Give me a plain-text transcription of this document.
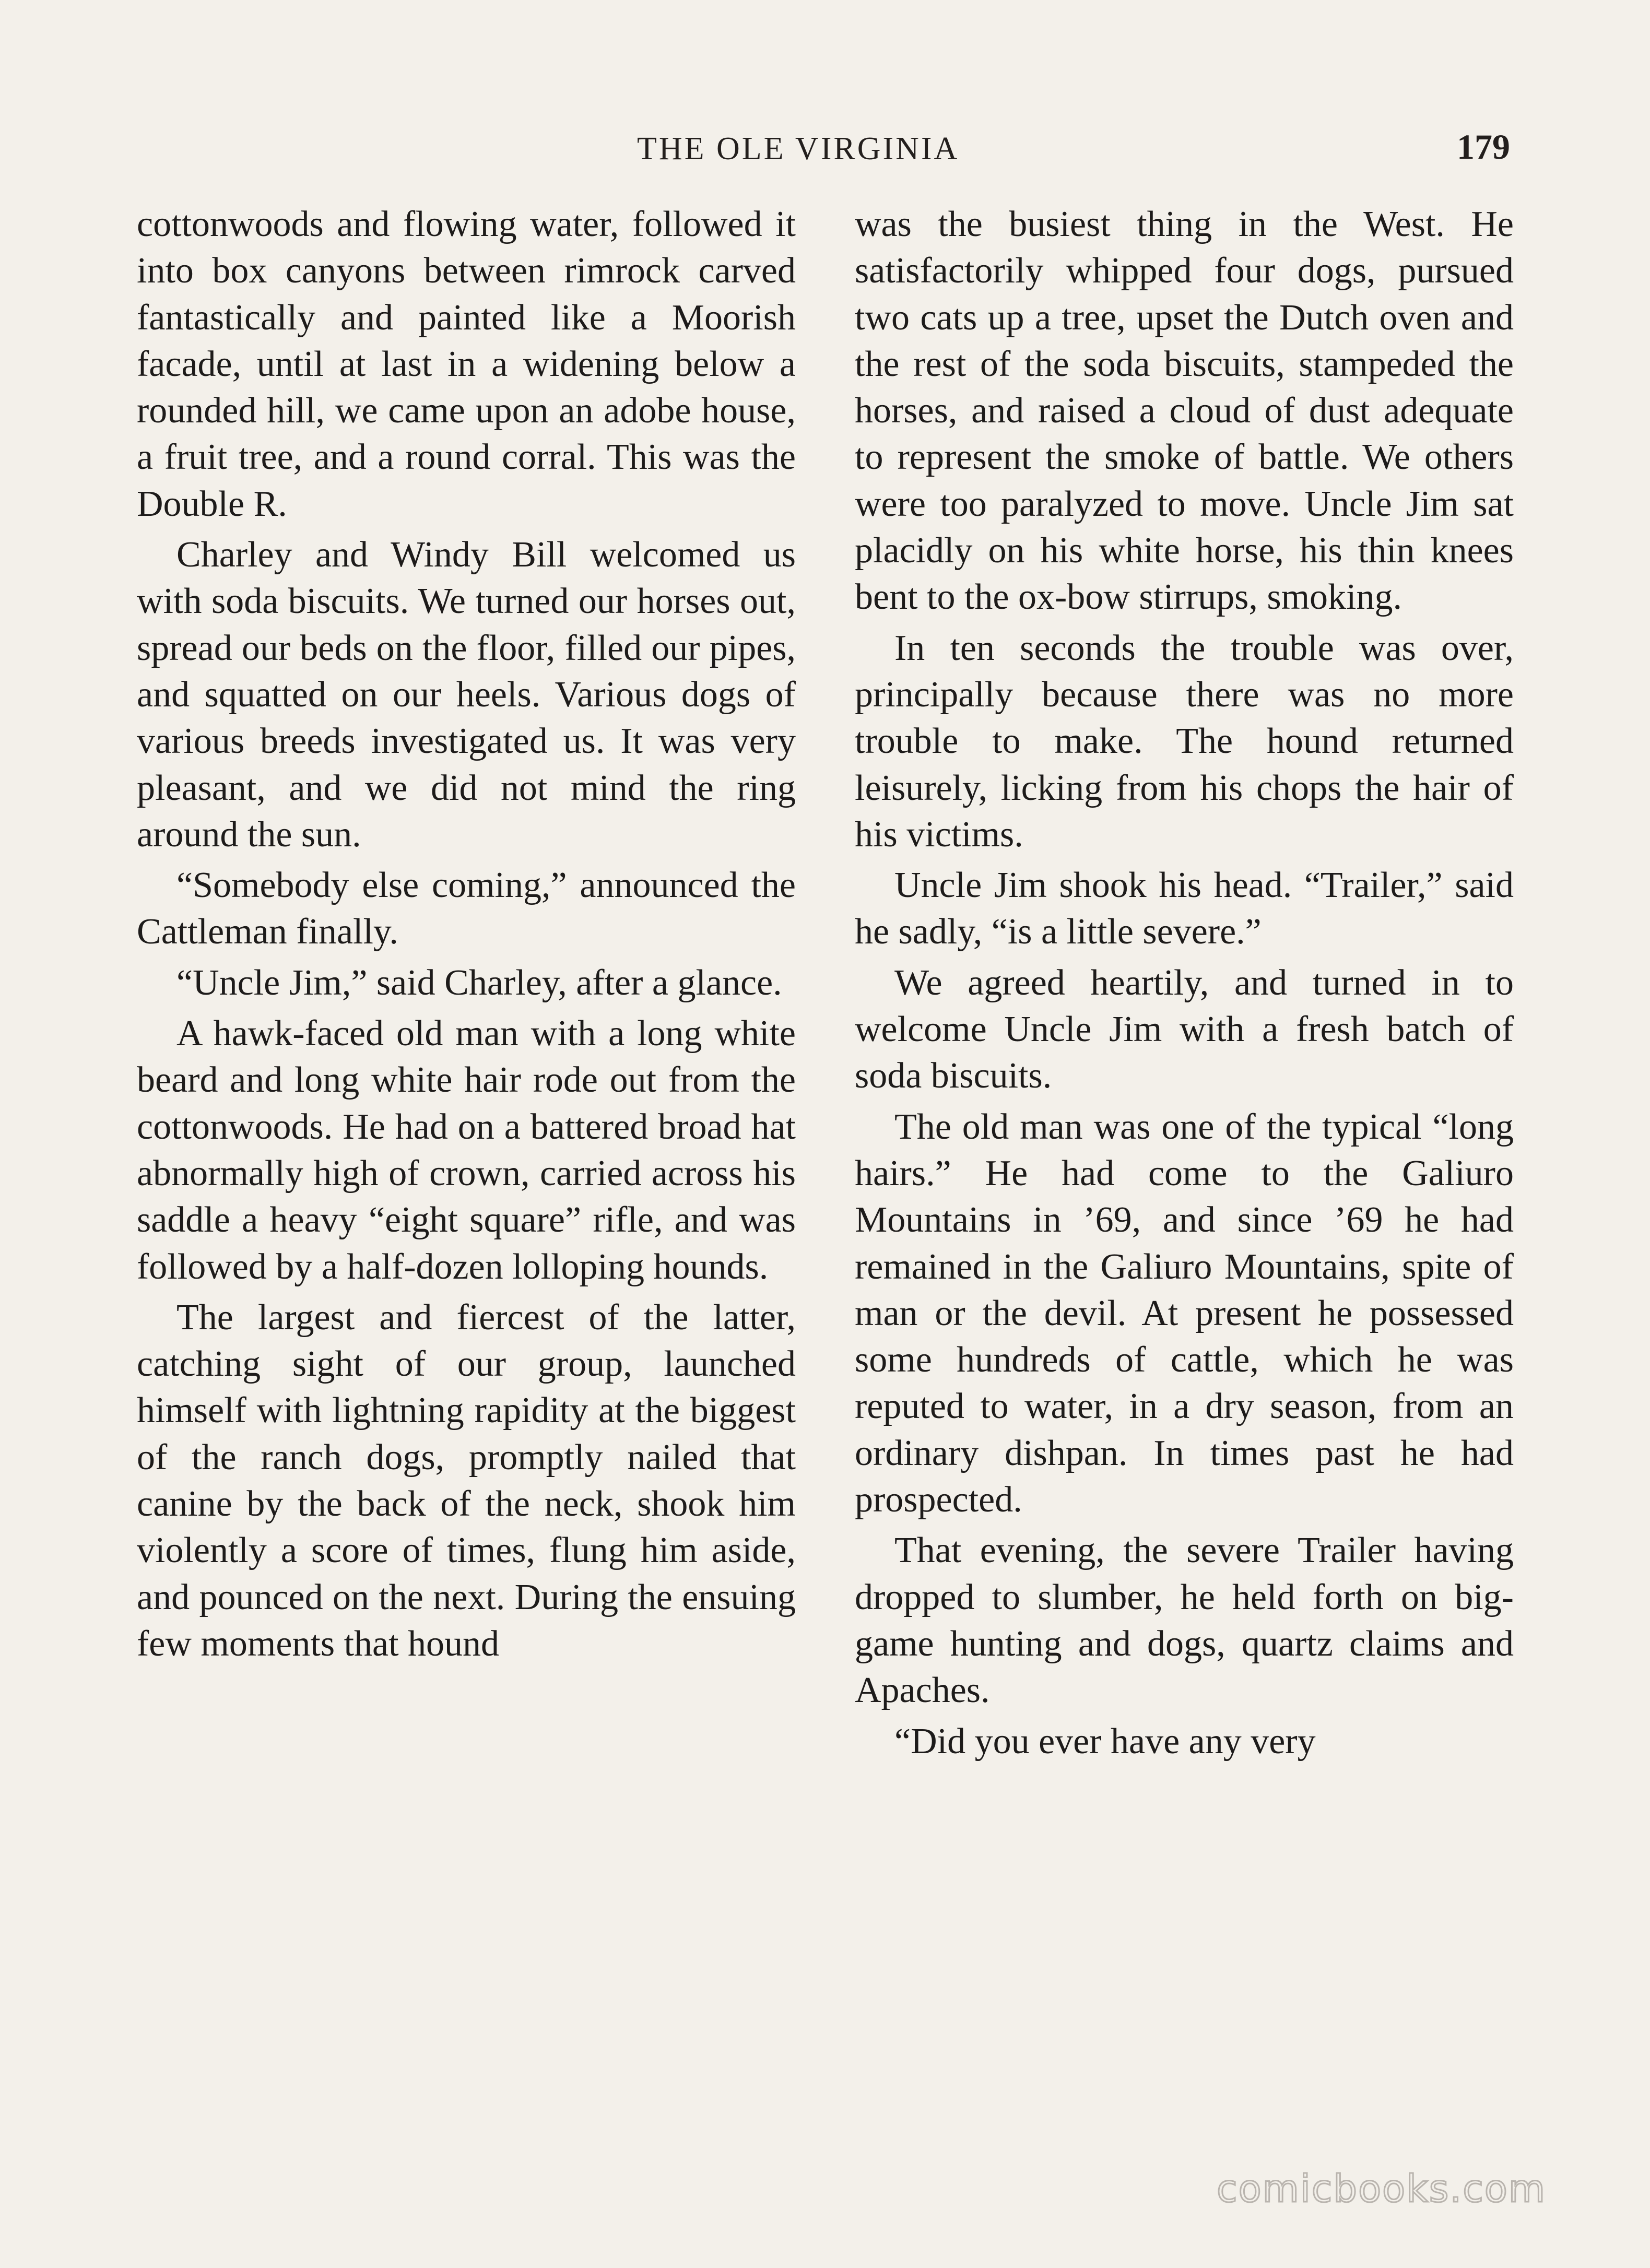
THE OLE VIRGINIA	179

cottonwoods and flowing water, followed it into box canyons between rimrock carved fantastically and painted like a Moorish facade, until at last in a widening below a rounded hill, we came upon an adobe house, a fruit tree, and a round corral. This was the Double R.

Charley and Windy Bill welcomed us with soda biscuits. We turned our horses out, spread our beds on the floor, filled our pipes, and squatted on our heels. Various dogs of various breeds investigated us. It was very pleasant, and we did not mind the ring around the sun.

“Somebody else coming,” announced the Cattleman finally.

“Uncle Jim,” said Charley, after a glance.

A hawk-faced old man with a long white beard and long white hair rode out from the cottonwoods. He had on a battered broad hat abnormally high of crown, carried across his saddle a heavy “eight square” rifle, and was followed by a half-dozen lolloping hounds.

The largest and fiercest of the latter, catching sight of our group, launched himself with lightning rapidity at the biggest of the ranch dogs, promptly nailed that canine by the back of the neck, shook him violently a score of times, flung him aside, and pounced on the next. During the ensuing few moments that hound

was the busiest thing in the West. He satisfactorily whipped four dogs, pursued two cats up a tree, upset the Dutch oven and the rest of the soda biscuits, stampeded the horses, and raised a cloud of dust adequate to represent the smoke of battle. We others were too paralyzed to move. Uncle Jim sat placidly on his white horse, his thin knees bent to the ox-bow stirrups, smoking.

In ten seconds the trouble was over, principally because there was no more trouble to make. The hound returned leisurely, licking from his chops the hair of his victims.

Uncle Jim shook his head. “Trailer,” said he sadly, “is a little severe.”

We agreed heartily, and turned in to welcome Uncle Jim with a fresh batch of soda biscuits.

The old man was one of the typical “long hairs.” He had come to the Galiuro Mountains in ’69, and since ’69 he had remained in the Galiuro Mountains, spite of man or the devil. At present he possessed some hundreds of cattle, which he was reputed to water, in a dry season, from an ordinary dishpan. In times past he had prospected.

That evening, the severe Trailer having dropped to slumber, he held forth on big-game hunting and dogs, quartz claims and Apaches.

“Did you ever have any very

comicbooks.com
